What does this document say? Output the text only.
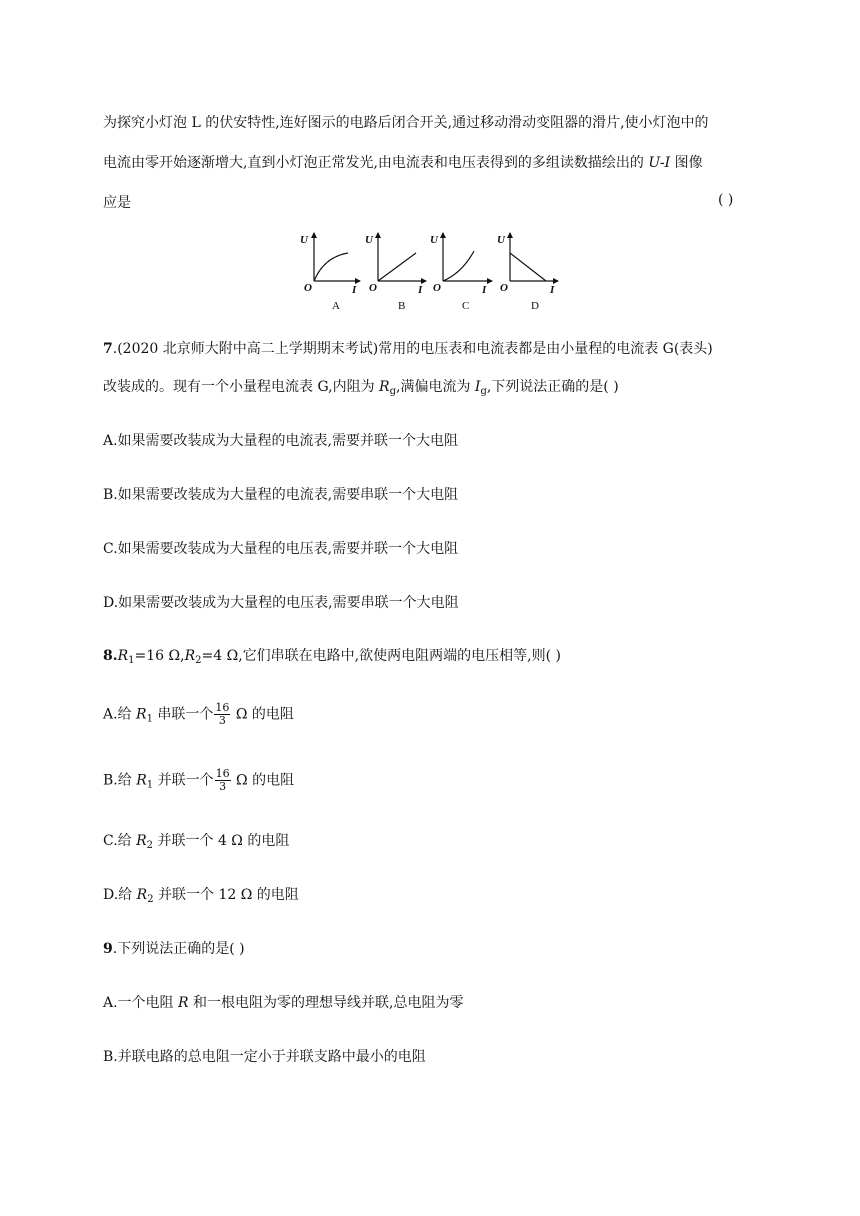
为探究小灯泡 L 的伏安特性,连好图示的电路后闭合开关,通过移动滑动变阻器的滑片,使小灯泡中的
电流由零开始逐渐增大,直到小灯泡正常发光,由电流表和电压表得到的多组读数描绘出的 U-I 图像
应是	( )
U
O	I
A
U
O	I
B
U
O	I
C
U
O	I
D
7.(2020 北京师大附中高二上学期期末考试)常用的电压表和电流表都是由小量程的电流表 G(表头)
改装成的。现有一个小量程电流表 G,内阻为 $R_g$,满偏电流为 $I_g$,下列说法正确的是( )
A.如果需要改装成为大量程的电流表,需要并联一个大电阻
B.如果需要改装成为大量程的电流表,需要串联一个大电阻
C.如果需要改装成为大量程的电压表,需要并联一个大电阻
D.如果需要改装成为大量程的电压表,需要串联一个大电阻
$8.R_1=16$ $\Omega,R_2=4$ Ω,它们串联在电路中,欲使两电阻两端的电压相等,则( )
A.给 $R_1$ 串联一个 $\frac{16}{3}$ Ω 的电阻
B.给 $R_1$ 并联一个 $\frac{16}{3}$ Ω 的电阻
C.给 $R_2$ 并联一个 4 Ω 的电阻
D.给 $R_2$ 并联一个 12 Ω 的电阻
9.下列说法正确的是( )
A.一个电阻 R 和一根电阻为零的理想导线并联,总电阻为零
B.并联电路的总电阻一定小于并联支路中最小的电阻
